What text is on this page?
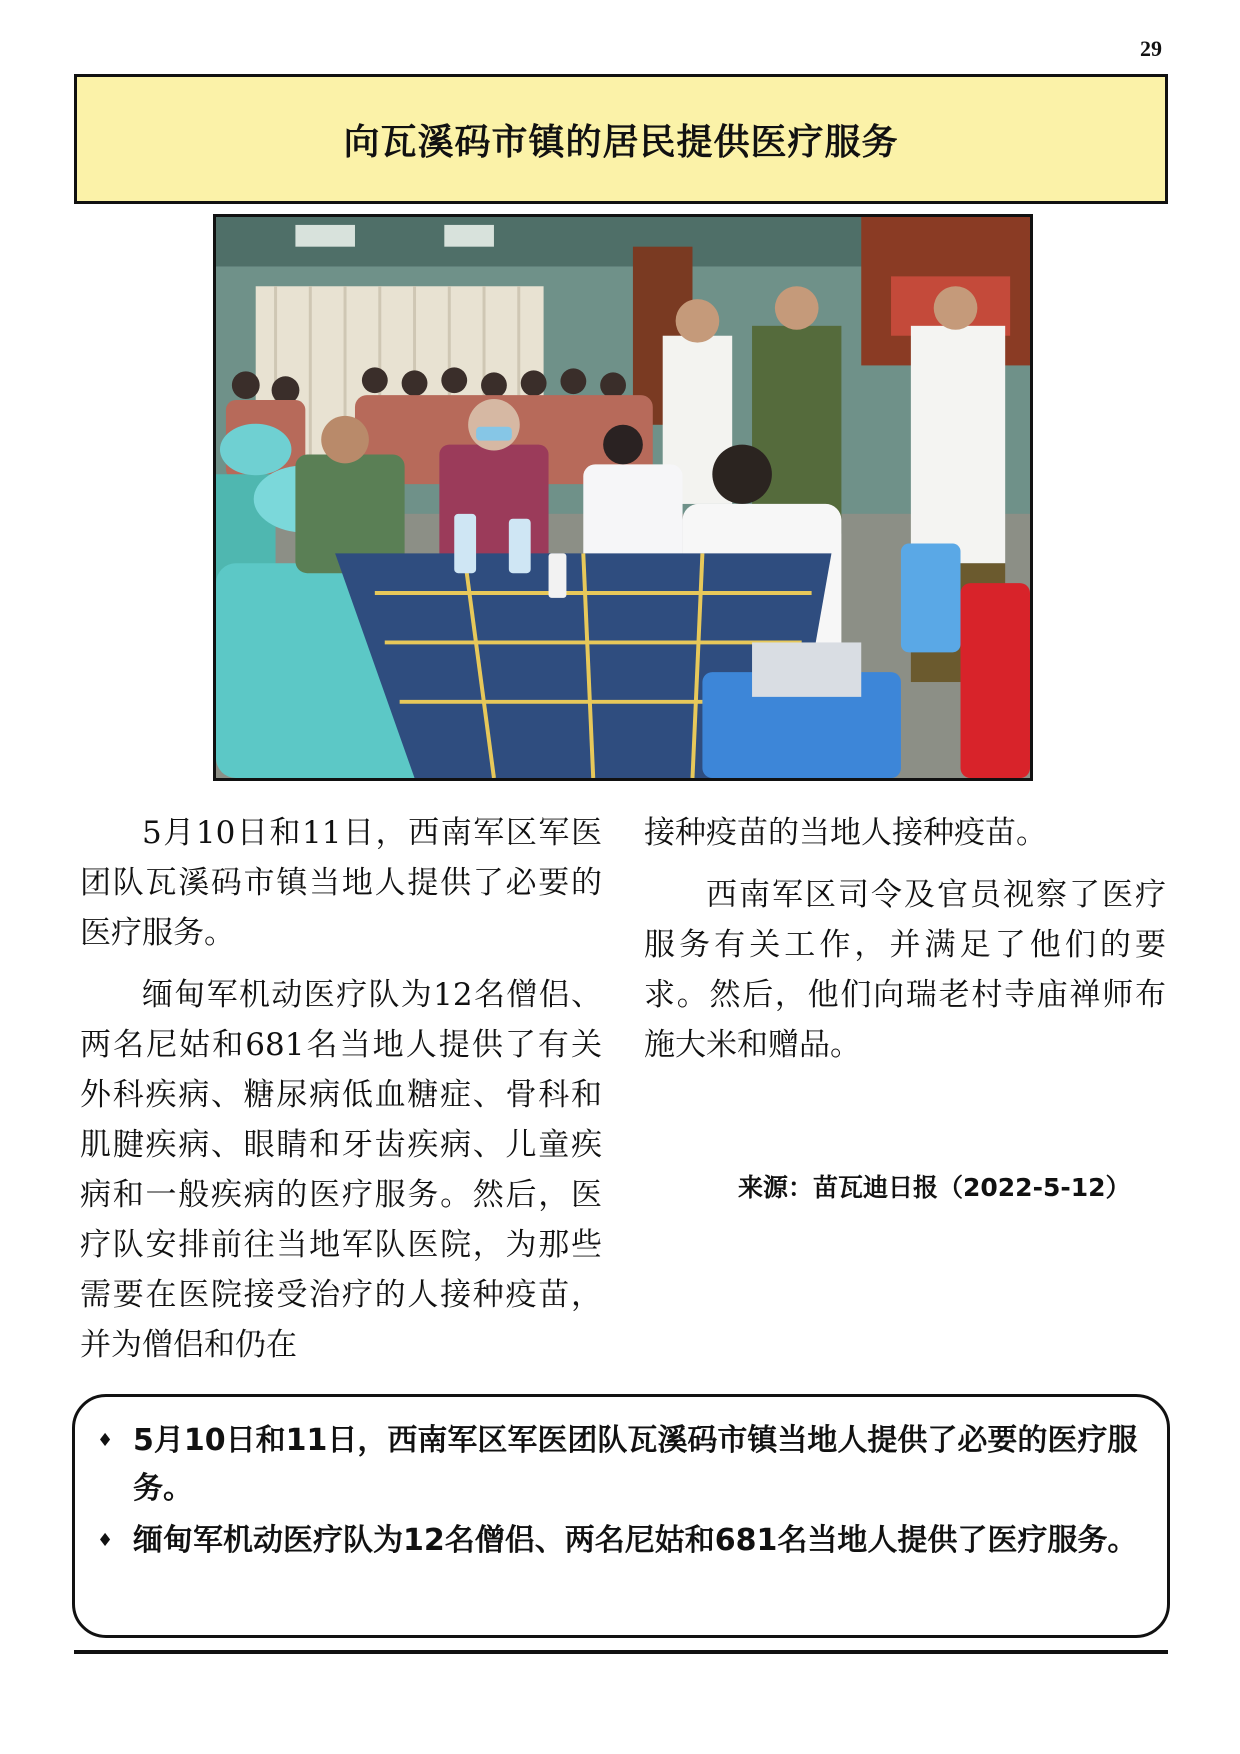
29
向瓦溪码市镇的居民提供医疗服务

5月10日和11日，西南军区军医团队瓦溪码市镇当地人提供了必要的医疗服务。

缅甸军机动医疗队为12名僧侣、两名尼姑和681名当地人提供了有关外科疾病、糖尿病低血糖症、骨科和肌腱疾病、眼睛和牙齿疾病、儿童疾病和一般疾病的医疗服务。然后，医疗队安排前往当地军队医院，为那些需要在医院接受治疗的人接种疫苗，并为僧侣和仍在

接种疫苗的当地人接种疫苗。

西南军区司令及官员视察了医疗服务有关工作，并满足了他们的要求。然后，他们向瑞老村寺庙禅师布施大米和赠品。

来源：苗瓦迪日报（2022-5-12）
♦ 5月10日和11日，西南军区军医团队瓦溪码市镇当地人提供了必要的医疗服务。
♦ 缅甸军机动医疗队为12名僧侣、两名尼姑和681名当地人提供了医疗服务。
